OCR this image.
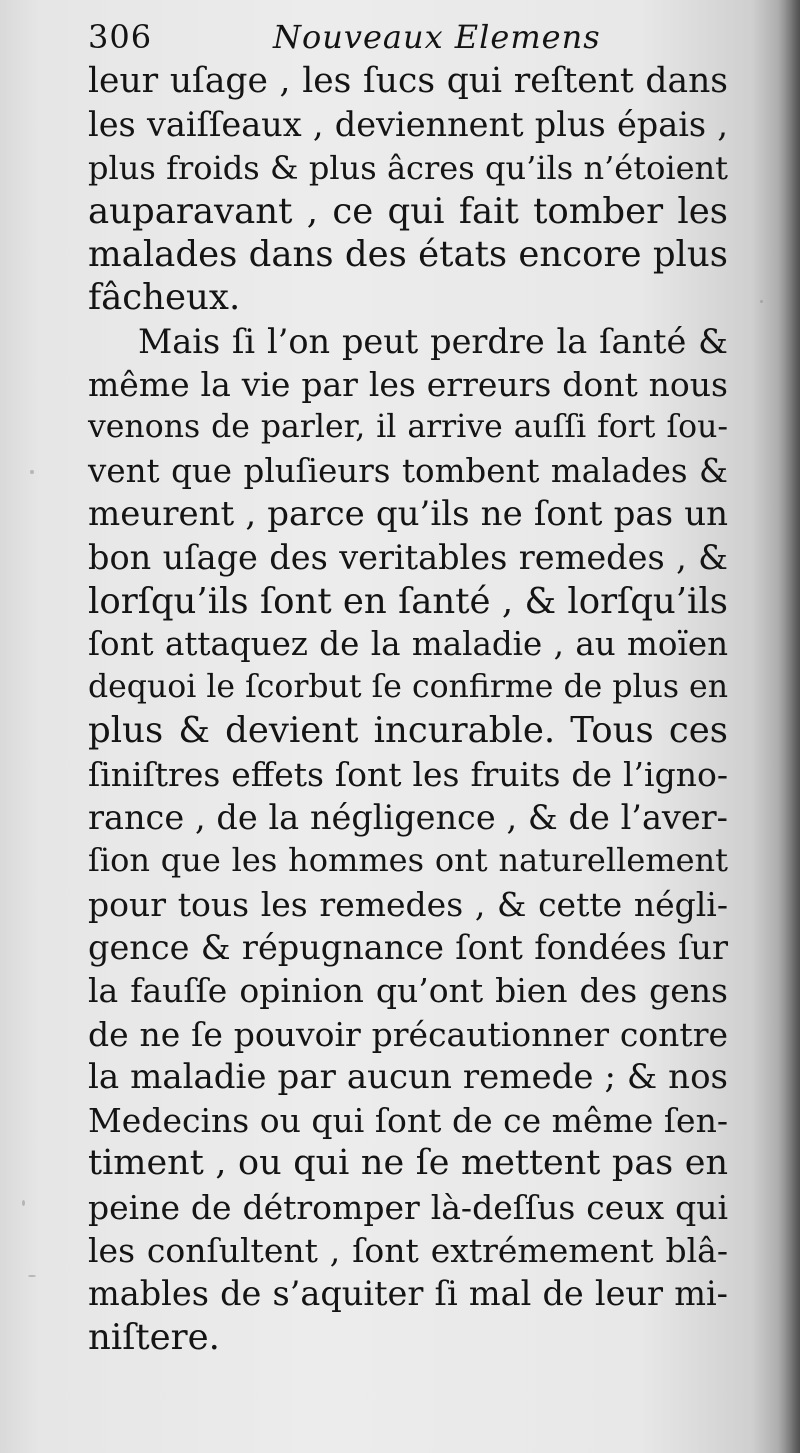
306	Nouveaux Elemens
leur uſage , les ſucs qui reſtent dans
les vaiſſeaux , deviennent plus épais ,
plus froids & plus âcres qu’ils n’étoient
auparavant , ce qui fait tomber les
malades dans des états encore plus
fâcheux.
Mais ſi l’on peut perdre la ſanté &
même la vie par les erreurs dont nous
venons de parler, il arrive auſſi fort ſou-
vent que pluſieurs tombent malades &
meurent , parce qu’ils ne ſont pas un
bon uſage des veritables remedes , &
lorſqu’ils ſont en ſanté , & lorſqu’ils
ſont attaquez de la maladie , au moïen
dequoi le ſcorbut ſe confirme de plus en
plus & devient incurable. Tous ces
ſiniſtres effets ſont les fruits de l’igno-
rance , de la négligence , & de l’aver-
ſion que les hommes ont naturellement
pour tous les remedes , & cette négli-
gence & répugnance ſont fondées ſur
la fauſſe opinion qu’ont bien des gens
de ne ſe pouvoir précautionner contre
la maladie par aucun remede ; & nos
Medecins ou qui ſont de ce même ſen-
timent , ou qui ne ſe mettent pas en
peine de détromper là-deſſus ceux qui
les conſultent , ſont extrémement blâ-
mables de s’aquiter ſi mal de leur mi-
niſtere.
